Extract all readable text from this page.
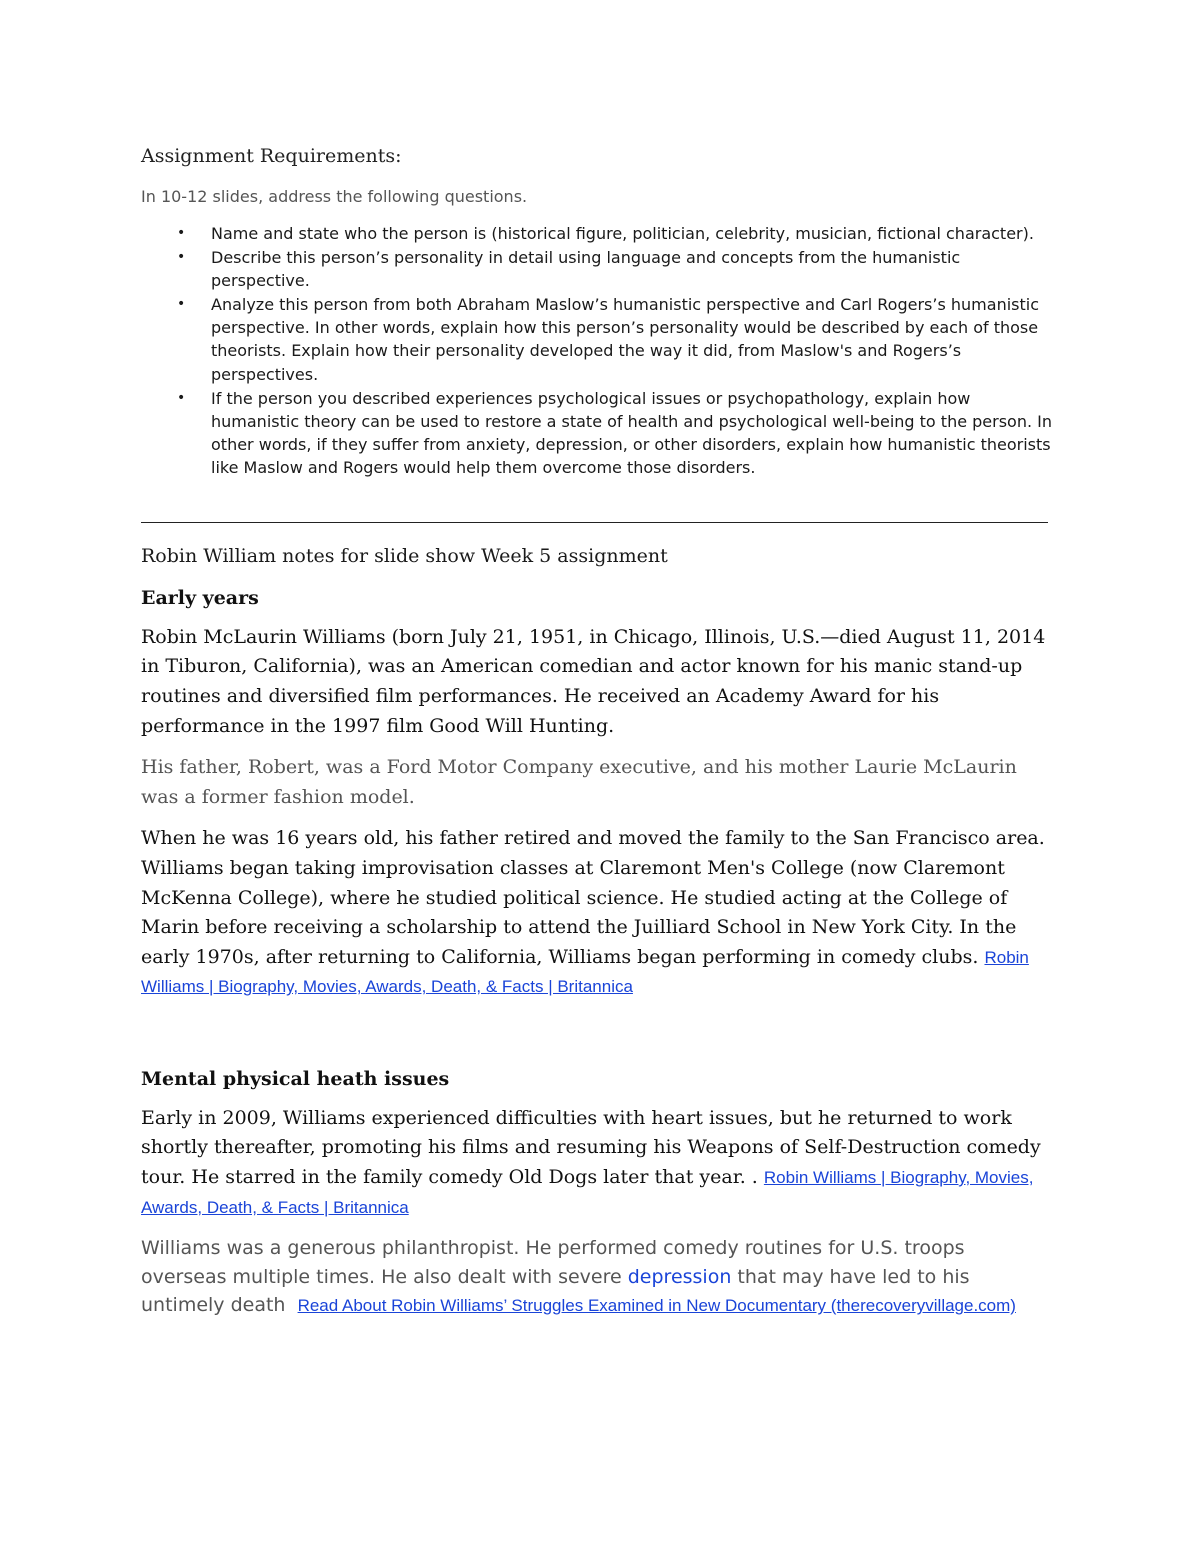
Assignment Requirements:
In 10-12 slides, address the following questions.
• Name and state who the person is (historical figure, politician, celebrity, musician, fictional character).
• Describe this person’s personality in detail using language and concepts from the humanistic perspective.
• Analyze this person from both Abraham Maslow’s humanistic perspective and Carl Rogers’s humanistic perspective. In other words, explain how this person’s personality would be described by each of those theorists. Explain how their personality developed the way it did, from Maslow's and Rogers’s perspectives.
• If the person you described experiences psychological issues or psychopathology, explain how humanistic theory can be used to restore a state of health and psychological well-being to the person. In other words, if they suffer from anxiety, depression, or other disorders, explain how humanistic theorists like Maslow and Rogers would help them overcome those disorders.
Robin William notes for slide show Week 5 assignment
Early years

Robin McLaurin Williams (born July 21, 1951, in Chicago, Illinois, U.S.—died August 11, 2014 in Tiburon, California), was an American comedian and actor known for his manic stand-up routines and diversified film performances. He received an Academy Award for his performance in the 1997 film Good Will Hunting.

His father, Robert, was a Ford Motor Company executive, and his mother Laurie McLaurin was a former fashion model.

When he was 16 years old, his father retired and moved the family to the San Francisco area. Williams began taking improvisation classes at Claremont Men's College (now Claremont McKenna College), where he studied political science. He studied acting at the College of Marin before receiving a scholarship to attend the Juilliard School in New York City. In the early 1970s, after returning to California, Williams began performing in comedy clubs. Robin Williams | Biography, Movies, Awards, Death, & Facts | Britannica

Mental physical heath issues

Early in 2009, Williams experienced difficulties with heart issues, but he returned to work shortly thereafter, promoting his films and resuming his Weapons of Self-Destruction comedy tour. He starred in the family comedy Old Dogs later that year. . Robin Williams | Biography, Movies, Awards, Death, & Facts | Britannica

Williams was a generous philanthropist. He performed comedy routines for U.S. troops overseas multiple times. He also dealt with severe depression that may have led to his untimely death Read About Robin Williams’ Struggles Examined in New Documentary (therecoveryvillage.com)
